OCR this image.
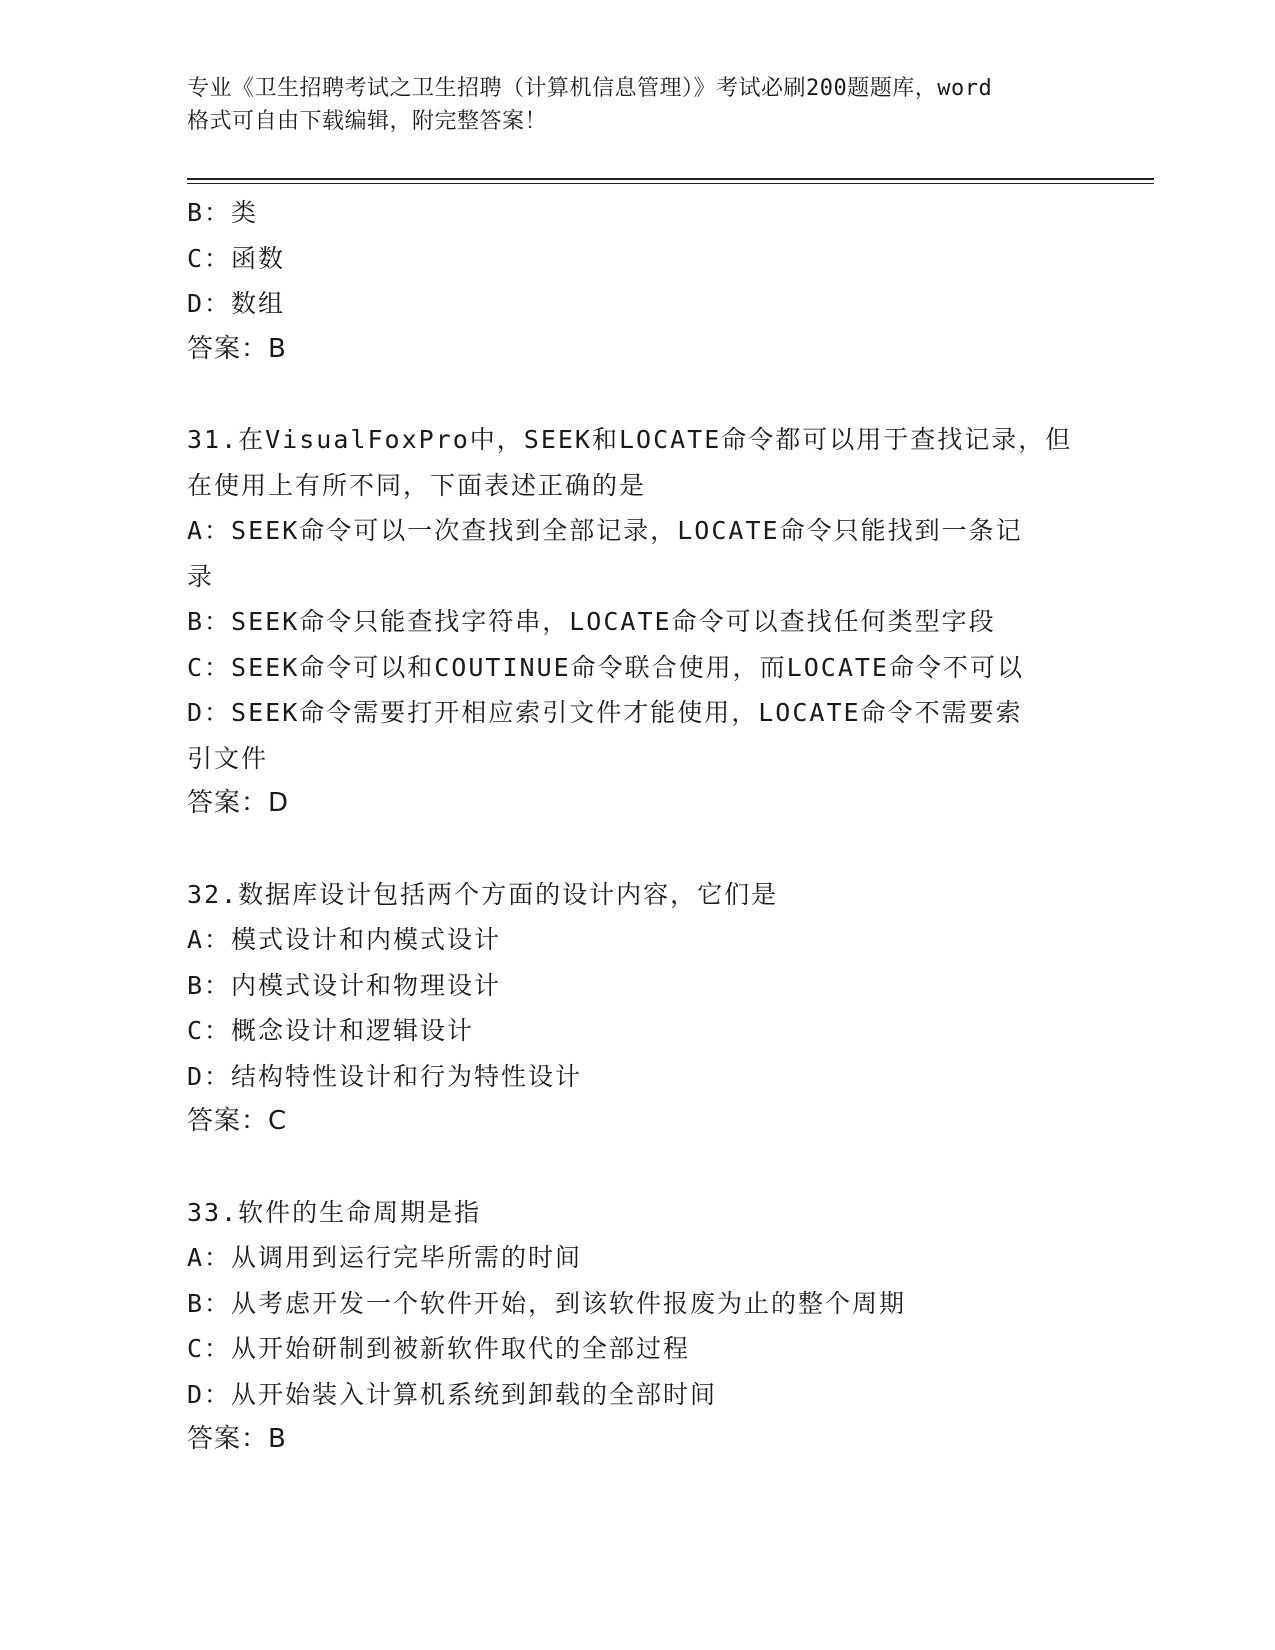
专业《卫生招聘考试之卫生招聘（计算机信息管理）》考试必刷200题题库，word
格式可自由下载编辑，附完整答案！
B：类
C：函数
D：数组
答案：B
31.在VisualFoxPro中，SEEK和LOCATE命令都可以用于查找记录，但
在使用上有所不同，下面表述正确的是
A：SEEK命令可以一次查找到全部记录，LOCATE命令只能找到一条记
录
B：SEEK命令只能查找字符串，LOCATE命令可以查找任何类型字段
C：SEEK命令可以和COUTINUE命令联合使用，而LOCATE命令不可以
D：SEEK命令需要打开相应索引文件才能使用，LOCATE命令不需要索
引文件
答案：D
32.数据库设计包括两个方面的设计内容，它们是
A：模式设计和内模式设计
B：内模式设计和物理设计
C：概念设计和逻辑设计
D：结构特性设计和行为特性设计
答案：C
33.软件的生命周期是指
A：从调用到运行完毕所需的时间
B：从考虑开发一个软件开始，到该软件报废为止的整个周期
C：从开始研制到被新软件取代的全部过程
D：从开始装入计算机系统到卸载的全部时间
答案：B
